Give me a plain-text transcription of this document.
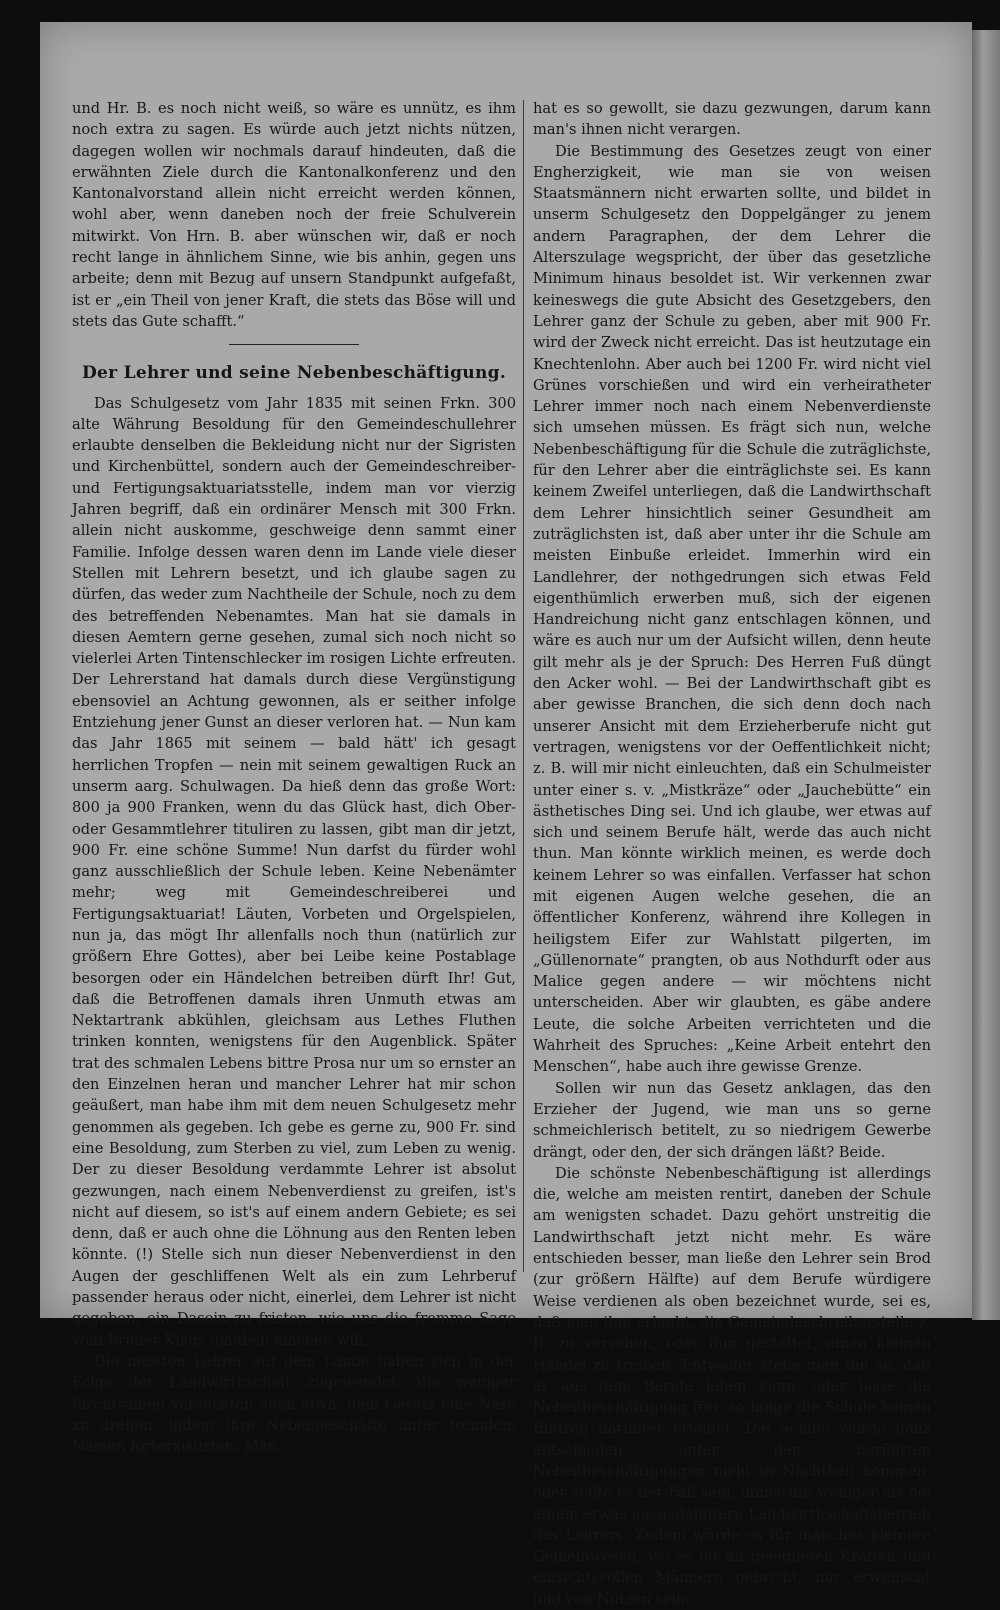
und Hr. B. es noch nicht weiß, so wäre es unnütz, es ihm noch extra zu sagen. Es würde auch jetzt nichts nützen, dagegen wollen wir nochmals darauf hindeuten, daß die erwähnten Ziele durch die Kantonalkonferenz und den Kantonalvorstand allein nicht erreicht werden können, wohl aber, wenn daneben noch der freie Schulverein mitwirkt. Von Hrn. B. aber wünschen wir, daß er noch recht lange in ähnlichem Sinne, wie bis anhin, gegen uns arbeite; denn mit Bezug auf unsern Standpunkt aufgefaßt, ist er „ein Theil von jener Kraft, die stets das Böse will und stets das Gute schafft.“

Der Lehrer und seine Nebenbeschäftigung.

Das Schulgesetz vom Jahr 1835 mit seinen Frkn. 300 alte Währung Besoldung für den Gemeindeschullehrer erlaubte denselben die Bekleidung nicht nur der Sigristen und Kirchenbüttel, sondern auch der Gemeindeschreiber- und Fertigungsaktuariatsstelle, indem man vor vierzig Jahren begriff, daß ein ordinärer Mensch mit 300 Frkn. allein nicht auskomme, geschweige denn sammt einer Familie. Infolge dessen waren denn im Lande viele dieser Stellen mit Lehrern besetzt, und ich glaube sagen zu dürfen, das weder zum Nachtheile der Schule, noch zu dem des betreffenden Nebenamtes. Man hat sie damals in diesen Aemtern gerne gesehen, zumal sich noch nicht so vielerlei Arten Tintenschlecker im rosigen Lichte erfreuten. Der Lehrerstand hat damals durch diese Vergünstigung ebensoviel an Achtung gewonnen, als er seither infolge Entziehung jener Gunst an dieser verloren hat. — Nun kam das Jahr 1865 mit seinem — bald hätt' ich gesagt herrlichen Tropfen — nein mit seinem gewaltigen Ruck an unserm aarg. Schulwagen. Da hieß denn das große Wort: 800 ja 900 Franken, wenn du das Glück hast, dich Ober- oder Gesammtlehrer tituliren zu lassen, gibt man dir jetzt, 900 Fr. eine schöne Summe! Nun darfst du fürder wohl ganz ausschließlich der Schule leben. Keine Nebenämter mehr; weg mit Gemeindeschreiberei und Fertigungsaktuariat! Läuten, Vorbeten und Orgelspielen, nun ja, das mögt Ihr allenfalls noch thun (natürlich zur größern Ehre Gottes), aber bei Leibe keine Postablage besorgen oder ein Händelchen betreiben dürft Ihr! Gut, daß die Betroffenen damals ihren Unmuth etwas am Nektartrank abkühlen, gleichsam aus Lethes Fluthen trinken konnten, wenigstens für den Augenblick. Später trat des schmalen Lebens bittre Prosa nur um so ernster an den Einzelnen heran und mancher Lehrer hat mir schon geäußert, man habe ihm mit dem neuen Schulgesetz mehr genommen als gegeben. Ich gebe es gerne zu, 900 Fr. sind eine Besoldung, zum Sterben zu viel, zum Leben zu wenig. Der zu dieser Besoldung verdammte Lehrer ist absolut gezwungen, nach einem Nebenverdienst zu greifen, ist's nicht auf diesem, so ist's auf einem andern Gebiete; es sei denn, daß er auch ohne die Löhnung aus den Renten leben könnte. (!) Stelle sich nun dieser Nebenverdienst in den Augen der geschliffenen Welt als ein zum Lehrberuf passender heraus oder nicht, einerlei, dem Lehrer ist nicht gegeben, ein Dasein zu fristen, wie uns die fromme Sage vom Bruder Klaus glauben machen will.

Die meisten Lehrer auf dem Lande haben sich in der Folge der Landwirthschaft zugewendet; die weniger furchtsamen versuchten auch etwa, dem Gesetz eine Nase zu drehen, indem ihre Nebengeschäfte unter fremdem Namen forterxistirten. Man

hat es so gewollt, sie dazu gezwungen, darum kann man's ihnen nicht verargen.

Die Bestimmung des Gesetzes zeugt von einer Engherzigkeit, wie man sie von weisen Staatsmännern nicht erwarten sollte, und bildet in unserm Schulgesetz den Doppelgänger zu jenem andern Paragraphen, der dem Lehrer die Alterszulage wegspricht, der über das gesetzliche Minimum hinaus besoldet ist. Wir verkennen zwar keineswegs die gute Absicht des Gesetzgebers, den Lehrer ganz der Schule zu geben, aber mit 900 Fr. wird der Zweck nicht erreicht. Das ist heutzutage ein Knechtenlohn. Aber auch bei 1200 Fr. wird nicht viel Grünes vorschießen und wird ein verheiratheter Lehrer immer noch nach einem Nebenverdienste sich umsehen müssen. Es frägt sich nun, welche Nebenbeschäftigung für die Schule die zuträglichste, für den Lehrer aber die einträglichste sei. Es kann keinem Zweifel unterliegen, daß die Landwirthschaft dem Lehrer hinsichtlich seiner Gesundheit am zuträglichsten ist, daß aber unter ihr die Schule am meisten Einbuße erleidet. Immerhin wird ein Landlehrer, der nothgedrungen sich etwas Feld eigenthümlich erwerben muß, sich der eigenen Handreichung nicht ganz entschlagen können, und wäre es auch nur um der Aufsicht willen, denn heute gilt mehr als je der Spruch: Des Herren Fuß düngt den Acker wohl. — Bei der Landwirthschaft gibt es aber gewisse Branchen, die sich denn doch nach unserer Ansicht mit dem Erzieherberufe nicht gut vertragen, wenigstens vor der Oeffentlichkeit nicht; z. B. will mir nicht einleuchten, daß ein Schulmeister unter einer s. v. „Mistkräze“ oder „Jauchebütte“ ein ästhetisches Ding sei. Und ich glaube, wer etwas auf sich und seinem Berufe hält, werde das auch nicht thun. Man könnte wirklich meinen, es werde doch keinem Lehrer so was einfallen. Verfasser hat schon mit eigenen Augen welche gesehen, die an öffentlicher Konferenz, während ihre Kollegen in heiligstem Eifer zur Wahlstatt pilgerten, im „Güllenornate“ prangten, ob aus Nothdurft oder aus Malice gegen andere — wir möchtens nicht unterscheiden. Aber wir glaubten, es gäbe andere Leute, die solche Arbeiten verrichteten und die Wahrheit des Spruches: „Keine Arbeit entehrt den Menschen“, habe auch ihre gewisse Grenze.

Sollen wir nun das Gesetz anklagen, das den Erzieher der Jugend, wie man uns so gerne schmeichlerisch betitelt, zu so niedrigem Gewerbe drängt, oder den, der sich drängen läßt? Beide.

Die schönste Nebenbeschäftigung ist allerdings die, welche am meisten rentirt, daneben der Schule am wenigsten schadet. Dazu gehört unstreitig die Landwirthschaft jetzt nicht mehr. Es wäre entschieden besser, man ließe den Lehrer sein Brod (zur größern Hälfte) auf dem Berufe würdigere Weise verdienen als oben bezeichnet wurde, sei es, daß man ihm erlaubt, die Gemeindeschreiberstelle z. B. zu versehen, oder ihm gestattet, einen kleinen Handel zu treiben. Entweder stelle man ihn so, daß er aus dem Berufe leben kann, oder lasse die Nebenbeschäftigung frei, so lange die Schule keinen Eintrag darunter erleidet. Die Schule würde ganz entschieden unter den berührten Nebenbeschäftigungen nicht in Nachtheil kommen, oder sollte es der Fall sein, immerhin weniger als bei einem etwas ausgedehntern Landwirthschaftsbetrieb des Lehrers. Zudem würde es für manches kleinere Gemeinwesen, wo es oft an geeigneten Kräften und einsichtsvollen Männern gebricht, nur erwünscht und von Nutzen sein.
